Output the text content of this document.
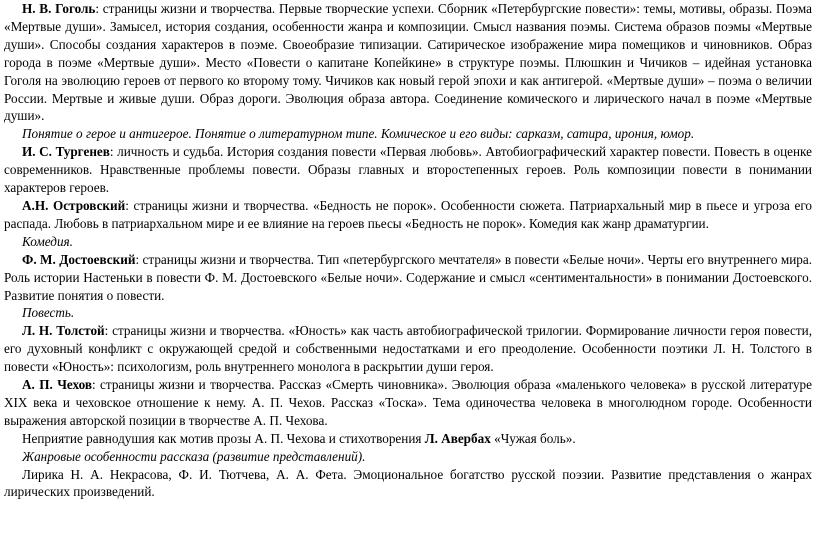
Н. В. Гоголь: страницы жизни и творчества. Первые творческие успехи. Сборник «Петербургские повести»: темы, мотивы, образы. Поэма «Мертвые души». Замысел, история создания, особенности жанра и композиции. Смысл названия поэмы. Система образов поэмы «Мертвые души». Способы создания характеров в поэме. Своеобразие типизации. Сатирическое изображение мира помещиков и чиновников. Образ города в поэме «Мертвые души». Место «Повести о капитане Копейкине» в структуре поэмы. Плюшкин и Чичиков – идейная установка Гоголя на эволюцию героев от первого ко второму тому. Чичиков как новый герой эпохи и как антигерой. «Мертвые души» – поэма о величии России. Мертвые и живые души. Образ дороги. Эволюция образа автора. Соединение комического и лирического начал в поэме «Мертвые души».

Понятие о герое и антигерое. Понятие о литературном типе. Комическое и его виды: сарказм, сатира, ирония, юмор.

И. С. Тургенев: личность и судьба. История создания повести «Первая любовь». Автобиографический характер повести. Повесть в оценке современников. Нравственные проблемы повести. Образы главных и второстепенных героев. Роль композиции повести в понимании характеров героев.

А.Н. Островский: страницы жизни и творчества. «Бедность не порок». Особенности сюжета. Патриархальный мир в пьесе и угроза его распада. Любовь в патриархальном мире и ее влияние на героев пьесы «Бедность не порок». Комедия как жанр драматургии.

Комедия.

Ф. М. Достоевский: страницы жизни и творчества. Тип «петербургского мечтателя» в повести «Белые ночи». Черты его внутреннего мира. Роль истории Настеньки в повести Ф. М. Достоевского «Белые ночи». Содержание и смысл «сентиментальности» в понимании Достоевского. Развитие понятия о повести.

Повесть.

Л. Н. Толстой: страницы жизни и творчества. «Юность» как часть автобиографической трилогии. Формирование личности героя повести, его духовный конфликт с окружающей средой и собственными недостатками и его преодоление. Особенности поэтики Л. Н. Толстого в повести «Юность»: психологизм, роль внутреннего монолога в раскрытии души героя.

А. П. Чехов: страницы жизни и творчества. Рассказ «Смерть чиновника». Эволюция образа «маленького человека» в русской литературе XIX века и чеховское отношение к нему. А. П. Чехов. Рассказ «Тоска». Тема одиночества человека в многолюдном городе. Особенности выражения авторской позиции в творчестве А. П. Чехова.

Неприятие равнодушия как мотив прозы А. П. Чехова и стихотворения Л. Авербах «Чужая боль».

Жанровые особенности рассказа (развитие представлений).

Лирика Н. А. Некрасова, Ф. И. Тютчева, А. А. Фета. Эмоциональное богатство русской поэзии. Развитие представления о жанрах лирических произведений.
